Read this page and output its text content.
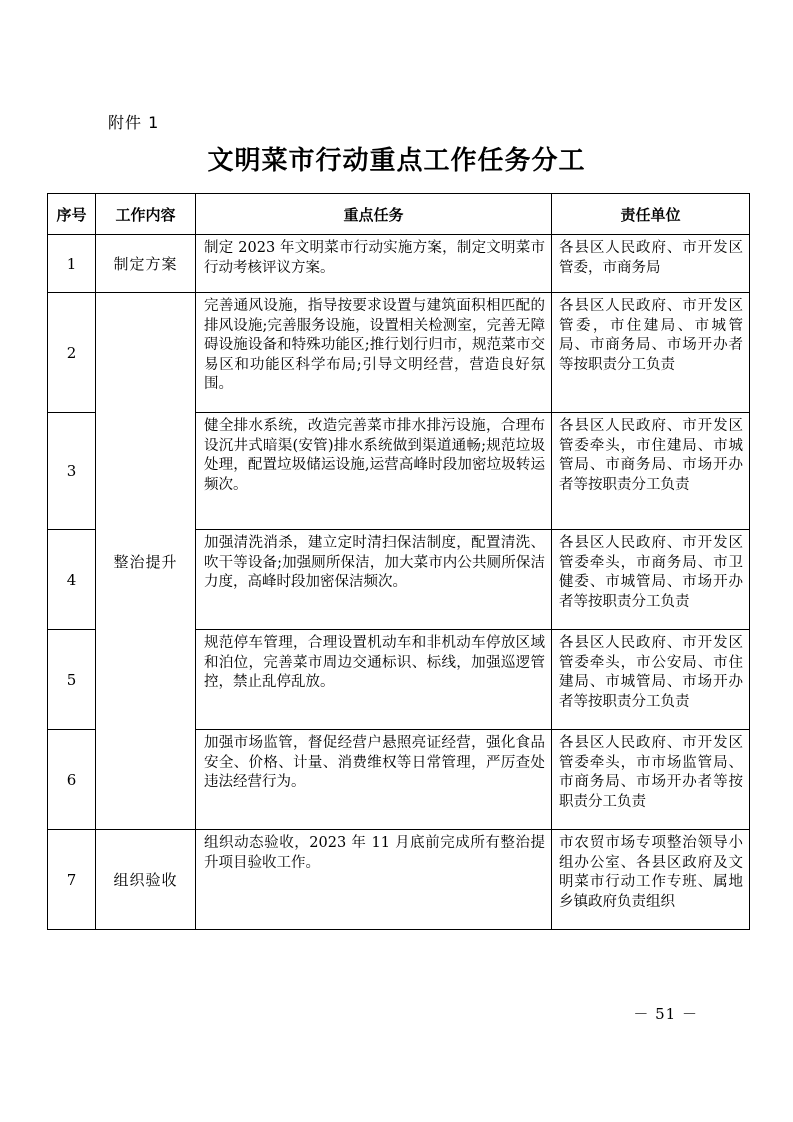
附件 1
文明菜市行动重点工作任务分工
序号	工作内容	重点任务	责任单位
1	制定方案	制定 2023 年文明菜市行动实施方案，制定文明菜市行动考核评议方案。	各县区人民政府、市开发区管委，市商务局
2	整治提升	完善通风设施，指导按要求设置与建筑面积相匹配的排风设施;完善服务设施，设置相关检测室，完善无障碍设施设备和特殊功能区;推行划行归市，规范菜市交易区和功能区科学布局;引导文明经营，营造良好氛围。	各县区人民政府、市开发区管委，市住建局、市城管局、市商务局、市场开办者等按职责分工负责
3		健全排水系统，改造完善菜市排水排污设施，合理布设沉井式暗渠(安管)排水系统做到渠道通畅;规范垃圾处理，配置垃圾储运设施,运营高峰时段加密垃圾转运频次。	各县区人民政府、市开发区管委牵头，市住建局、市城管局、市商务局、市场开办者等按职责分工负责
4		加强清洗消杀，建立定时清扫保洁制度，配置清洗、吹干等设备;加强厕所保洁，加大菜市内公共厕所保洁力度，高峰时段加密保洁频次。	各县区人民政府、市开发区管委牵头，市商务局、市卫健委、市城管局、市场开办者等按职责分工负责
5		规范停车管理，合理设置机动车和非机动车停放区域和泊位，完善菜市周边交通标识、标线，加强巡逻管控，禁止乱停乱放。	各县区人民政府、市开发区管委牵头，市公安局、市住建局、市城管局、市场开办者等按职责分工负责
6		加强市场监管，督促经营户悬照亮证经营，强化食品安全、价格、计量、消费维权等日常管理，严厉查处违法经营行为。	各县区人民政府、市开发区管委牵头，市市场监管局、市商务局、市场开办者等按职责分工负责
7	组织验收	组织动态验收，2023 年 11 月底前完成所有整治提升项目验收工作。	市农贸市场专项整治领导小组办公室、各县区政府及文明菜市行动工作专班、属地乡镇政府负责组织
－ 51 －
